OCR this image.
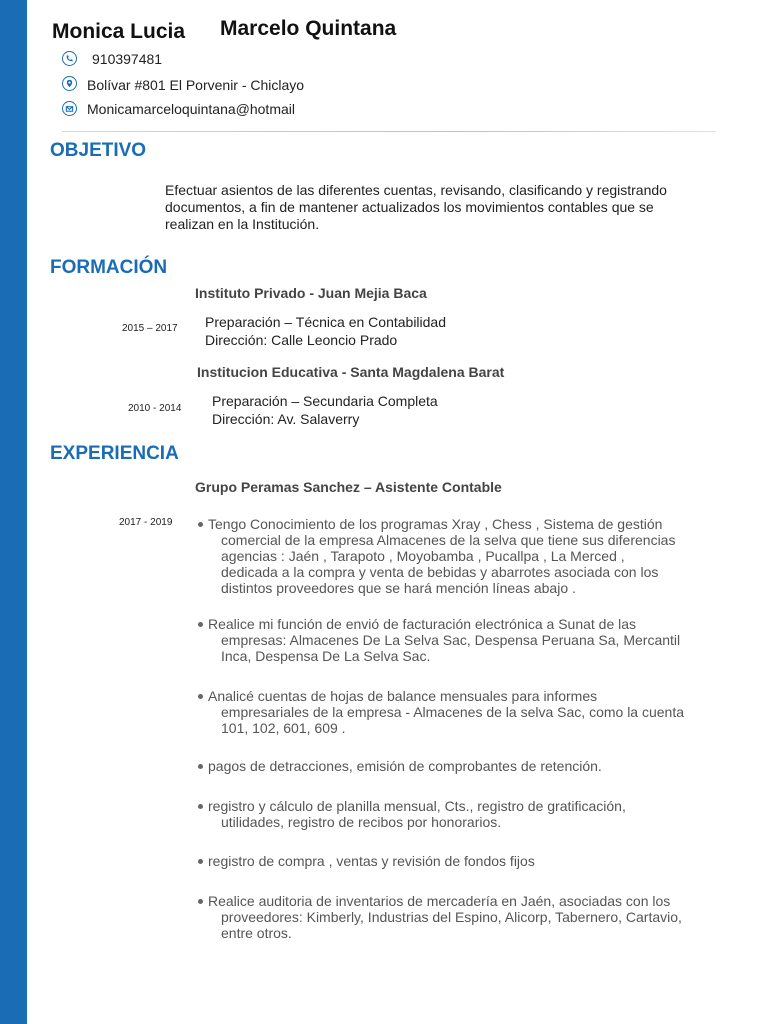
Monica Lucia Marcelo Quintana
910397481
Bolívar #801 El Porvenir - Chiclayo
Monicamarceloquintana@hotmail
OBJETIVO
Efectuar asientos de las diferentes cuentas, revisando, clasificando y registrando
documentos, a fin de mantener actualizados los movimientos contables que se
realizan en la Institución.
FORMACIÓN
Instituto Privado - Juan Mejia Baca
2015 – 2017 Preparación – Técnica en Contabilidad
Dirección: Calle Leoncio Prado
Institucion Educativa - Santa Magdalena Barat
2010 - 2014 Preparación – Secundaria Completa
Dirección: Av. Salaverry
EXPERIENCIA
Grupo Peramas Sanchez – Asistente Contable
2017 - 2019	Tengo Conocimiento de los programas Xray , Chess , Sistema de gestión
comercial de la empresa Almacenes de la selva que tiene sus diferencias
agencias : Jaén , Tarapoto , Moyobamba , Pucallpa , La Merced ,
dedicada a la compra y venta de bebidas y abarrotes asociada con los
distintos proveedores que se hará mención líneas abajo .
Realice mi función de envió de facturación electrónica a Sunat de las
empresas: Almacenes De La Selva Sac, Despensa Peruana Sa, Mercantil
Inca, Despensa De La Selva Sac.
Analicé cuentas de hojas de balance mensuales para informes
empresariales de la empresa - Almacenes de la selva Sac, como la cuenta
101, 102, 601, 609 .
pagos de detracciones, emisión de comprobantes de retención.
registro y cálculo de planilla mensual, Cts., registro de gratificación,
utilidades, registro de recibos por honorarios.
registro de compra , ventas y revisión de fondos fijos
Realice auditoria de inventarios de mercadería en Jaén, asociadas con los
proveedores: Kimberly, Industrias del Espino, Alicorp, Tabernero, Cartavio,
entre otros.
